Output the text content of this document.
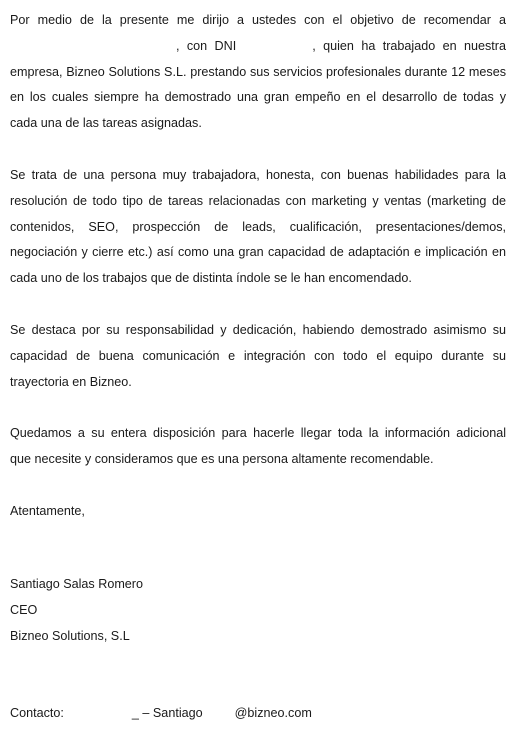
Por medio de la presente me dirijo a ustedes con el objetivo de recomendar a
, con DNI	, quien ha trabajado en nuestra
empresa, Bizneo Solutions S.L. prestando sus servicios profesionales durante 12 meses
en los cuales siempre ha demostrado una gran empeño en el desarrollo de todas y
cada una de las tareas asignadas.
Se trata de una persona muy trabajadora, honesta, con buenas habilidades para la
resolución de todo tipo de tareas relacionadas con marketing y ventas (marketing de
contenidos, SEO, prospección de leads, cualificación, presentaciones/demos,
negociación y cierre etc.) así como una gran capacidad de adaptación e implicación en
cada uno de los trabajos que de distinta índole se le han encomendado.
Se destaca por su responsabilidad y dedicación, habiendo demostrado asimismo su
capacidad de buena comunicación e integración con todo el equipo durante su
trayectoria en Bizneo.
Quedamos a su entera disposición para hacerle llegar toda la información adicional
que necesite y consideramos que es una persona altamente recomendable.
Atentamente,
Santiago Salas Romero
CEO
Bizneo Solutions, S.L
Contacto:	_ – Santiago	@bizneo.com
